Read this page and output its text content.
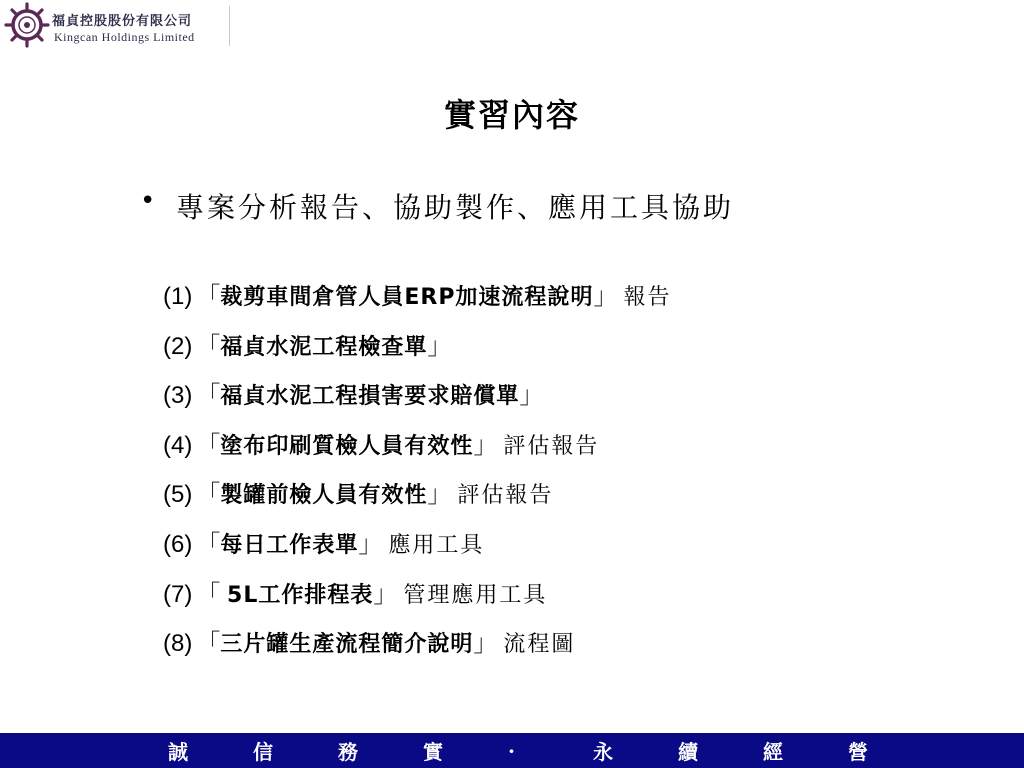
福貞控股股份有限公司
Kingcan Holdings Limited
實習內容
• 專案分析報告、協助製作、應用工具協助
(1) 「裁剪車間倉管人員ERP加速流程說明」 報告
(2) 「福貞水泥工程檢查單」
(3) 「福貞水泥工程損害要求賠償單」
(4) 「塗布印刷質檢人員有效性」 評估報告
(5) 「製罐前檢人員有效性」 評估報告
(6) 「每日工作表單」 應用工具
(7) 「 5L工作排程表」 管理應用工具
(8) 「三片罐生產流程簡介說明」 流程圖
誠	信	務	實	·	永	續	經	營
